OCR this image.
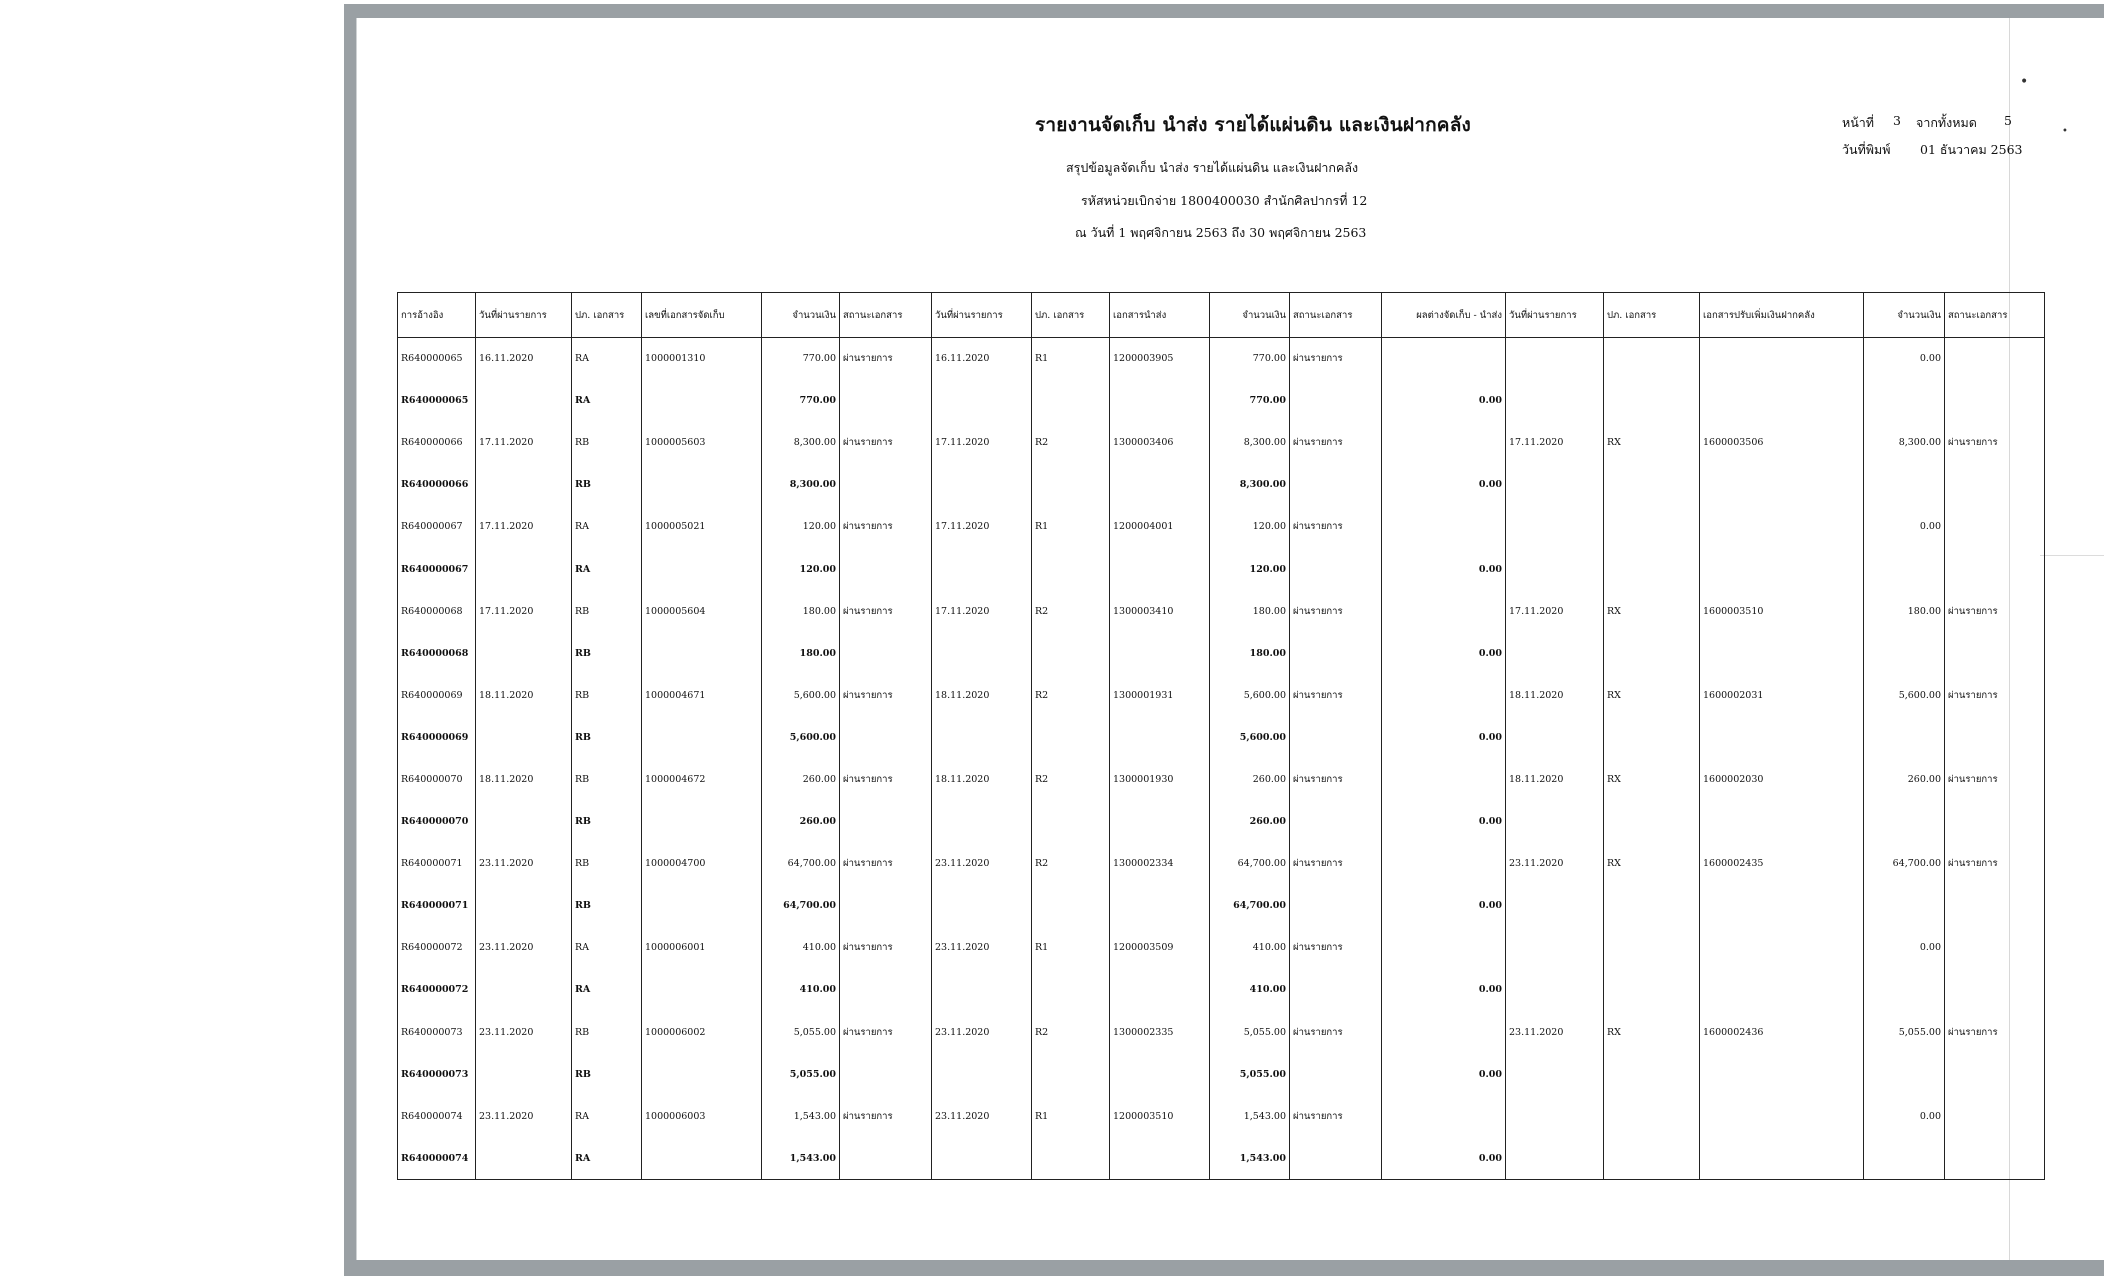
•
•
รายงานจัดเก็บ นำส่ง รายได้แผ่นดิน และเงินฝากคลัง
สรุปข้อมูลจัดเก็บ นำส่ง รายได้แผ่นดิน และเงินฝากคลัง
รหัสหน่วยเบิกจ่าย 1800400030 สำนักศิลปากรที่ 12
ณ วันที่ 1 พฤศจิกายน 2563 ถึง 30 พฤศจิกายน 2563
หน้าที่ 3 จากทั้งหมด 5
วันที่พิมพ์ 01 ธันวาคม 2563
การอ้างอิง	วันที่ผ่านรายการ	ปภ. เอกสาร	เลขที่เอกสารจัดเก็บ	จำนวนเงิน	สถานะเอกสาร	วันที่ผ่านรายการ	ปภ. เอกสาร	เอกสารนำส่ง	จำนวนเงิน	สถานะเอกสาร	ผลต่างจัดเก็บ - นำส่ง	วันที่ผ่านรายการ	ปภ. เอกสาร	เอกสารปรับเพิ่มเงินฝากคลัง	จำนวนเงิน	สถานะเอกสาร
R640000065	16.11.2020	RA	1000001310	770.00	ผ่านรายการ	16.11.2020	R1	1200003905	770.00	ผ่านรายการ					0.00	
R640000065		RA		770.00					770.00		0.00					
R640000066	17.11.2020	RB	1000005603	8,300.00	ผ่านรายการ	17.11.2020	R2	1300003406	8,300.00	ผ่านรายการ		17.11.2020	RX	1600003506	8,300.00	ผ่านรายการ
R640000066		RB		8,300.00					8,300.00		0.00					
R640000067	17.11.2020	RA	1000005021	120.00	ผ่านรายการ	17.11.2020	R1	1200004001	120.00	ผ่านรายการ					0.00	
R640000067		RA		120.00					120.00		0.00					
R640000068	17.11.2020	RB	1000005604	180.00	ผ่านรายการ	17.11.2020	R2	1300003410	180.00	ผ่านรายการ		17.11.2020	RX	1600003510	180.00	ผ่านรายการ
R640000068		RB		180.00					180.00		0.00					
R640000069	18.11.2020	RB	1000004671	5,600.00	ผ่านรายการ	18.11.2020	R2	1300001931	5,600.00	ผ่านรายการ		18.11.2020	RX	1600002031	5,600.00	ผ่านรายการ
R640000069		RB		5,600.00					5,600.00		0.00					
R640000070	18.11.2020	RB	1000004672	260.00	ผ่านรายการ	18.11.2020	R2	1300001930	260.00	ผ่านรายการ		18.11.2020	RX	1600002030	260.00	ผ่านรายการ
R640000070		RB		260.00					260.00		0.00					
R640000071	23.11.2020	RB	1000004700	64,700.00	ผ่านรายการ	23.11.2020	R2	1300002334	64,700.00	ผ่านรายการ		23.11.2020	RX	1600002435	64,700.00	ผ่านรายการ
R640000071		RB		64,700.00					64,700.00		0.00					
R640000072	23.11.2020	RA	1000006001	410.00	ผ่านรายการ	23.11.2020	R1	1200003509	410.00	ผ่านรายการ					0.00	
R640000072		RA		410.00					410.00		0.00					
R640000073	23.11.2020	RB	1000006002	5,055.00	ผ่านรายการ	23.11.2020	R2	1300002335	5,055.00	ผ่านรายการ		23.11.2020	RX	1600002436	5,055.00	ผ่านรายการ
R640000073		RB		5,055.00					5,055.00		0.00					
R640000074	23.11.2020	RA	1000006003	1,543.00	ผ่านรายการ	23.11.2020	R1	1200003510	1,543.00	ผ่านรายการ					0.00	
R640000074		RA		1,543.00					1,543.00		0.00					
